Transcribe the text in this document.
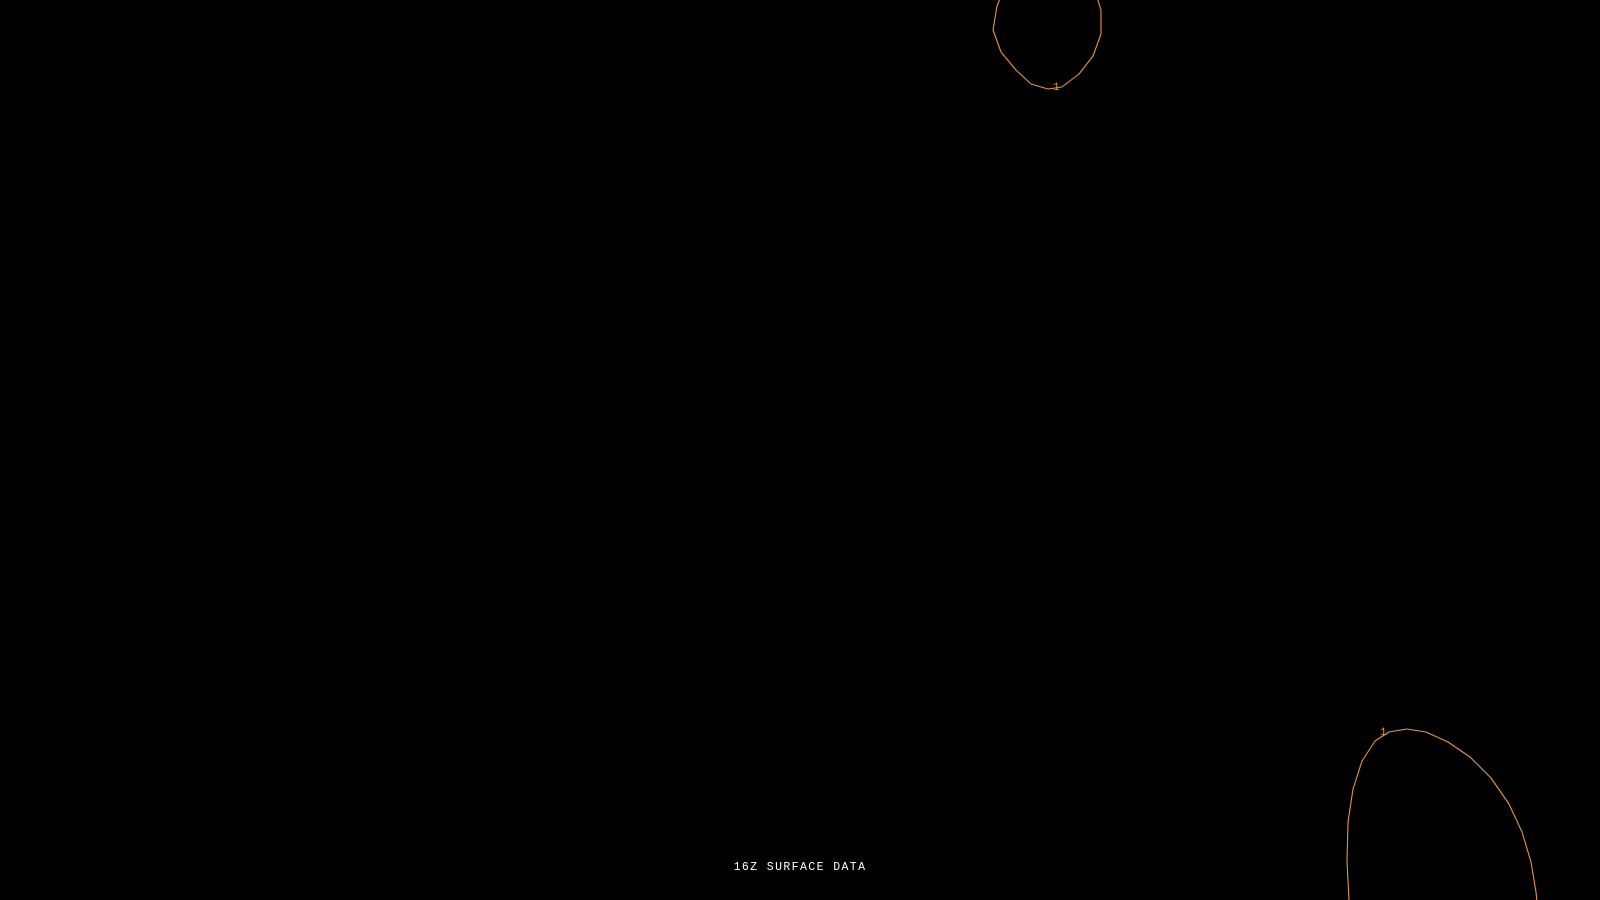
1
1
16Z SURFACE DATA
